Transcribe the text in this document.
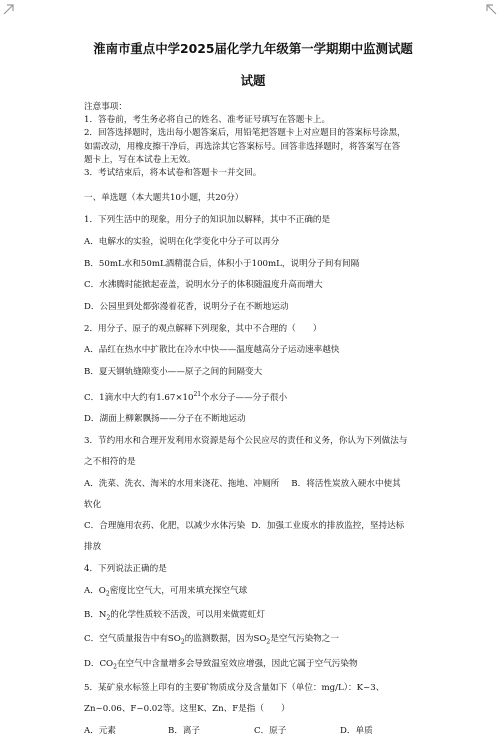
淮南市重点中学2025届化学九年级第一学期期中监测试题
试题
注意事项：
1．答卷前，考生务必将自己的姓名、准考证号填写在答题卡上。
2．回答选择题时，选出每小题答案后，用铅笔把答题卡上对应题目的答案标号涂黑，
如需改动，用橡皮擦干净后，再选涂其它答案标号。回答非选择题时，将答案写在答
题卡上，写在本试卷上无效。
3．考试结束后，将本试卷和答题卡一并交回。
一、单选题（本大题共10小题，共20分）
1．下列生活中的现象，用分子的知识加以解释，其中不正确的是
A．电解水的实验，说明在化学变化中分子可以再分
B．50mL水和50mL酒精混合后，体积小于100mL，说明分子间有间隔
C．水沸腾时能掀起壶盖，说明水分子的体积随温度升高而增大
D．公园里到处都弥漫着花香，说明分子在不断地运动
2．用分子、原子的观点解释下列现象，其中不合理的（　　）
A．品红在热水中扩散比在冷水中快——温度越高分子运动速率越快
B．夏天钢轨缝隙变小——原子之间的间隔变大
C．1滴水中大约有$1.67\times 10^{21}$个水分子——分子很小
D．湖面上柳絮飘扬——分子在不断地运动
3．节约用水和合理开发利用水资源是每个公民应尽的责任和义务，你认为下列做法与
之不相符的是
A．洗菜、洗衣、淘米的水用来浇花、拖地、冲厕所 B．将活性炭放入硬水中使其
软化
C．合理施用农药、化肥，以减少水体污染 D．加强工业废水的排放监控，坚持达标
排放
4．下列说法正确的是
A．$O_2$密度比空气大，可用来填充探空气球
B．$N_2$的化学性质较不活泼，可以用来做霓虹灯
C．空气质量报告中有$SO_2$的监测数据，因为$SO_2$是空气污染物之一
D．$CO_2$在空气中含量增多会导致温室效应增强，因此它属于空气污染物
5．某矿泉水标签上印有的主要矿物质成分及含量如下（单位：mg/L）：K~3、
Zn~0.06、F~0.02等。这里K、Zn、F是指（　　）
A．元素	B．离子	C．原子	D．单质
